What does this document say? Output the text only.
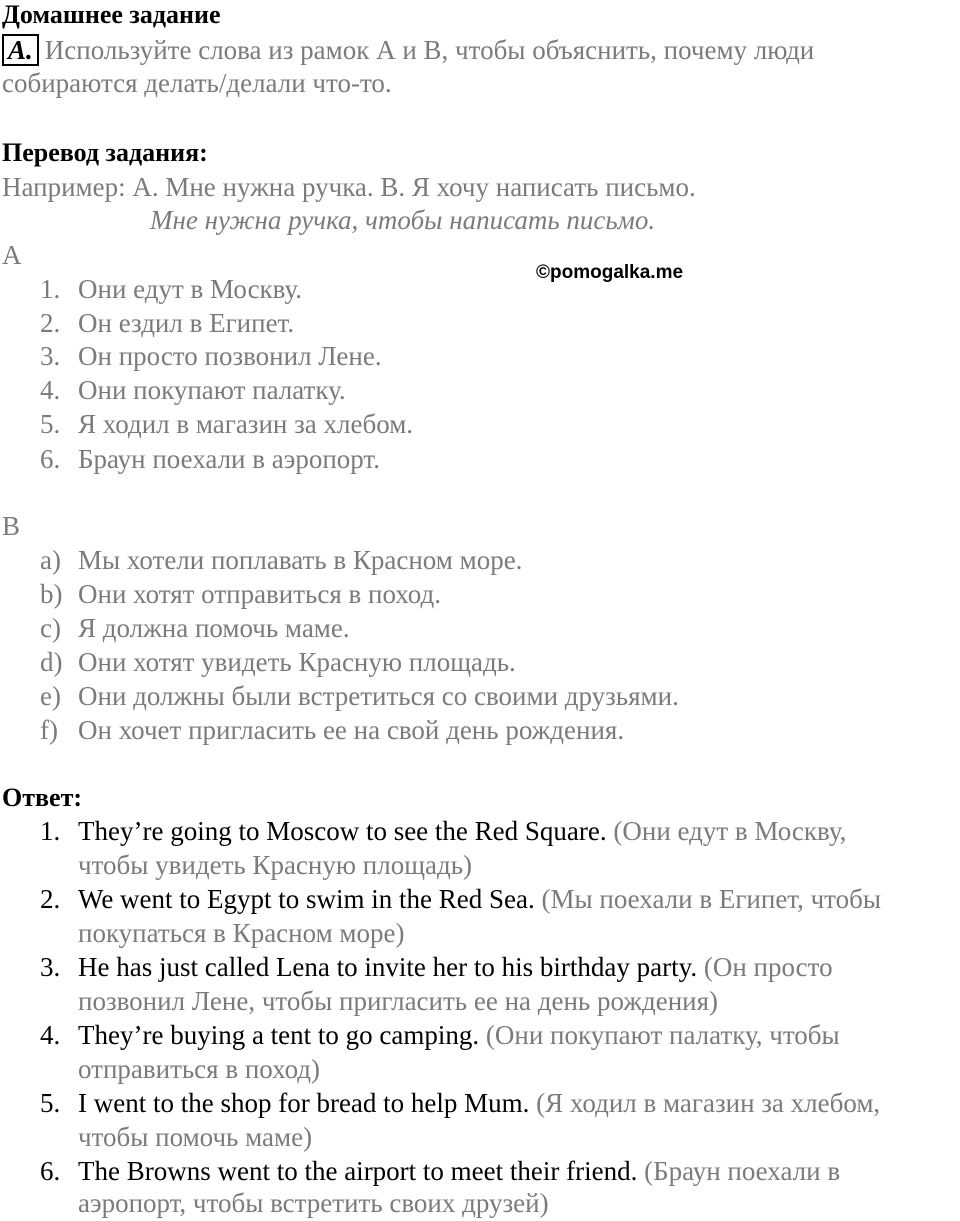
Домашнее задание
A. Используйте слова из рамок А и В, чтобы объяснить, почему люди
собираются делать/делали что-то.
Перевод задания:
Например: А. Мне нужна ручка. В. Я хочу написать письмо.
Мне нужна ручка, чтобы написать письмо.
А
©pomogalka.me
1. Они едут в Москву.
2. Он ездил в Египет.
3. Он просто позвонил Лене.
4. Они покупают палатку.
5. Я ходил в магазин за хлебом.
6. Браун поехали в аэропорт.
В
a) Мы хотели поплавать в Красном море.
b) Они хотят отправиться в поход.
c) Я должна помочь маме.
d) Они хотят увидеть Красную площадь.
e) Они должны были встретиться со своими друзьями.
f) Он хочет пригласить ее на свой день рождения.
Ответ:
1. They’re going to Moscow to see the Red Square. (Они едут в Москву,
чтобы увидеть Красную площадь)
2. We went to Egypt to swim in the Red Sea. (Мы поехали в Египет, чтобы
покупаться в Красном море)
3. He has just called Lena to invite her to his birthday party. (Он просто
позвонил Лене, чтобы пригласить ее на день рождения)
4. They’re buying a tent to go camping. (Они покупают палатку, чтобы
отправиться в поход)
5. I went to the shop for bread to help Mum. (Я ходил в магазин за хлебом,
чтобы помочь маме)
6. The Browns went to the airport to meet their friend. (Браун поехали в
аэропорт, чтобы встретить своих друзей)
